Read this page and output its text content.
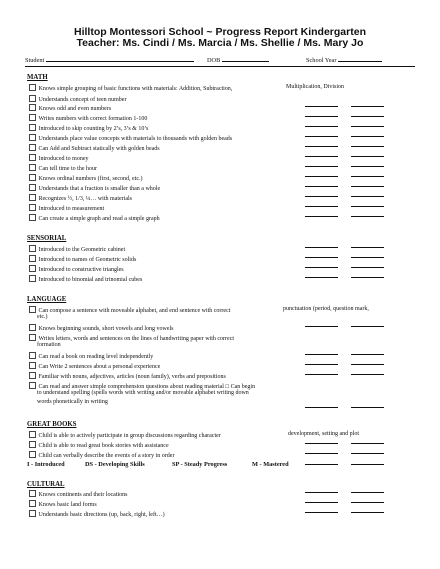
Hilltop Montessori School ~ Progress Report Kindergarten
Teacher: Ms. Cindi / Ms. Marcia / Ms. Shellie / Ms. Mary Jo
Student	DOB	School Year
MATH
Knows simple grouping of basic functions with materials: Addition, Subtraction,	Multiplication, Division
Understands concept of teen number
Knows odd and even numbers
Writes numbers with correct formation 1-100
Introduced to skip counting by 2’s, 3’s & 10’s
Understands place value concepts with materials to thousands with golden beads
Can Add and Subtract statically with golden beads
Introduced to money
Can tell time to the hour
Knows ordinal numbers (first, second, etc.)
Understands that a fraction is smaller than a whole
Recognizes ½, 1/3, ¼… with materials
Introduced to measurement
Can create a simple graph and read a simple graph
SENSORIAL
Introduced to the Geometric cabinet
Introduced to names of Geometric solids
Introduced to constructive triangles
Introduced to binomial and trinomial cubes
LANGUAGE
Can compose a sentence with moveable alphabet, and end sentence with correct	punctuation (period, question mark,
etc.)
Knows beginning sounds, short vowels and long vowels
Writes letters, words and sentences on the lines of handwriting paper with correct
formation
Can read a book on reading level independently
Can Write 2 sentences about a personal experience
Familiar with nouns, adjectives, articles (noun family), verbs and prepositions
Can read and answer simple comprehension questions about reading material □ Can begin
to understand spelling (spells words with writing and/or movable alphabet writing down
words phonetically in writing
GREAT BOOKS
Child is able to actively participate in group discussions regarding character	development, setting and plot
Child is able to read great book stories with assistance
Child can verbally describe the events of a story in order
I - Introduced	DS - Developing Skills	SP - Steady Progress	M - Mastered
CULTURAL
Knows continents and their locations
Knows basic land forms
Understands basic directions (up, back, right, left…)
